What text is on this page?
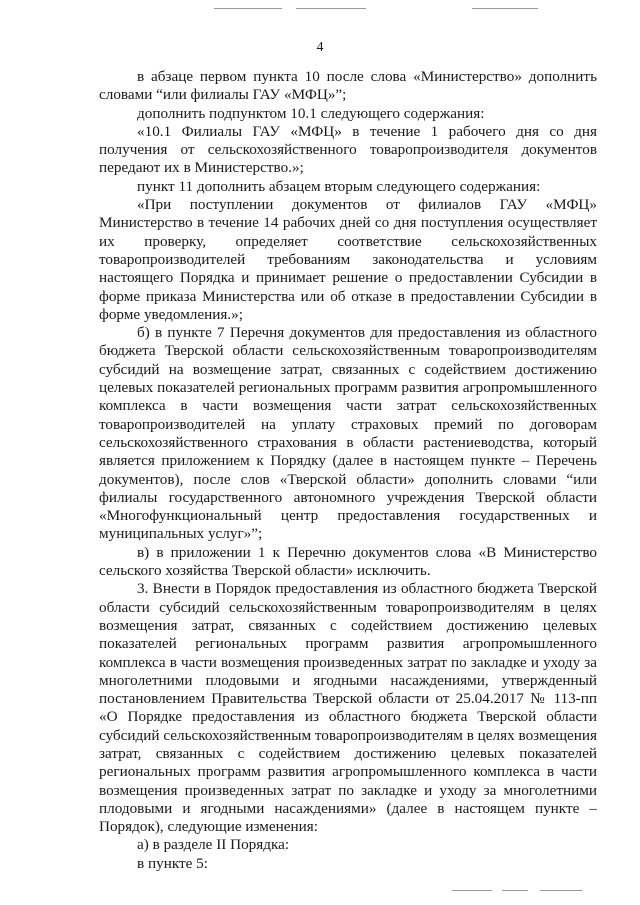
4

в абзаце первом пункта 10 после слова «Министерство» дополнить словами “или филиалы ГАУ «МФЦ»”;

дополнить подпунктом 10.1 следующего содержания:

«10.1 Филиалы ГАУ «МФЦ» в течение 1 рабочего дня со дня получения от сельскохозяйственного товаропроизводителя документов передают их в Министерство.»;

пункт 11 дополнить абзацем вторым следующего содержания:

«При поступлении документов от филиалов ГАУ «МФЦ» Министерство в течение 14 рабочих дней со дня поступления осуществляет их проверку, определяет соответствие сельскохозяйственных товаропроизводителей требованиям законодательства и условиям настоящего Порядка и принимает решение о предоставлении Субсидии в форме приказа Министерства или об отказе в предоставлении Субсидии в форме уведомления.»;

б) в пункте 7 Перечня документов для предоставления из областного бюджета Тверской области сельскохозяйственным товаропроизводителям субсидий на возмещение затрат, связанных с содействием достижению целевых показателей региональных программ развития агропромышленного комплекса в части возмещения части затрат сельскохозяйственных товаропроизводителей на уплату страховых премий по договорам сельскохозяйственного страхования в области растениеводства, который является приложением к Порядку (далее в настоящем пункте – Перечень документов), после слов «Тверской области» дополнить словами “или филиалы государственного автономного учреждения Тверской области «Многофункциональный центр предоставления государственных и муниципальных услуг»”;

в) в приложении 1 к Перечню документов слова «В Министерство сельского хозяйства Тверской области» исключить.

3. Внести в Порядок предоставления из областного бюджета Тверской области субсидий сельскохозяйственным товаропроизводителям в целях возмещения затрат, связанных с содействием достижению целевых показателей региональных программ развития агропромышленного комплекса в части возмещения произведенных затрат по закладке и уходу за многолетними плодовыми и ягодными насаждениями, утвержденный постановлением Правительства Тверской области от 25.04.2017 № 113-пп «О Порядке предоставления из областного бюджета Тверской области субсидий сельскохозяйственным товаропроизводителям в целях возмещения затрат, связанных с содействием достижению целевых показателей региональных программ развития агропромышленного комплекса в части возмещения произведенных затрат по закладке и уходу за многолетними плодовыми и ягодными насаждениями» (далее в настоящем пункте – Порядок), следующие изменения:

а) в разделе II Порядка:

в пункте 5:
